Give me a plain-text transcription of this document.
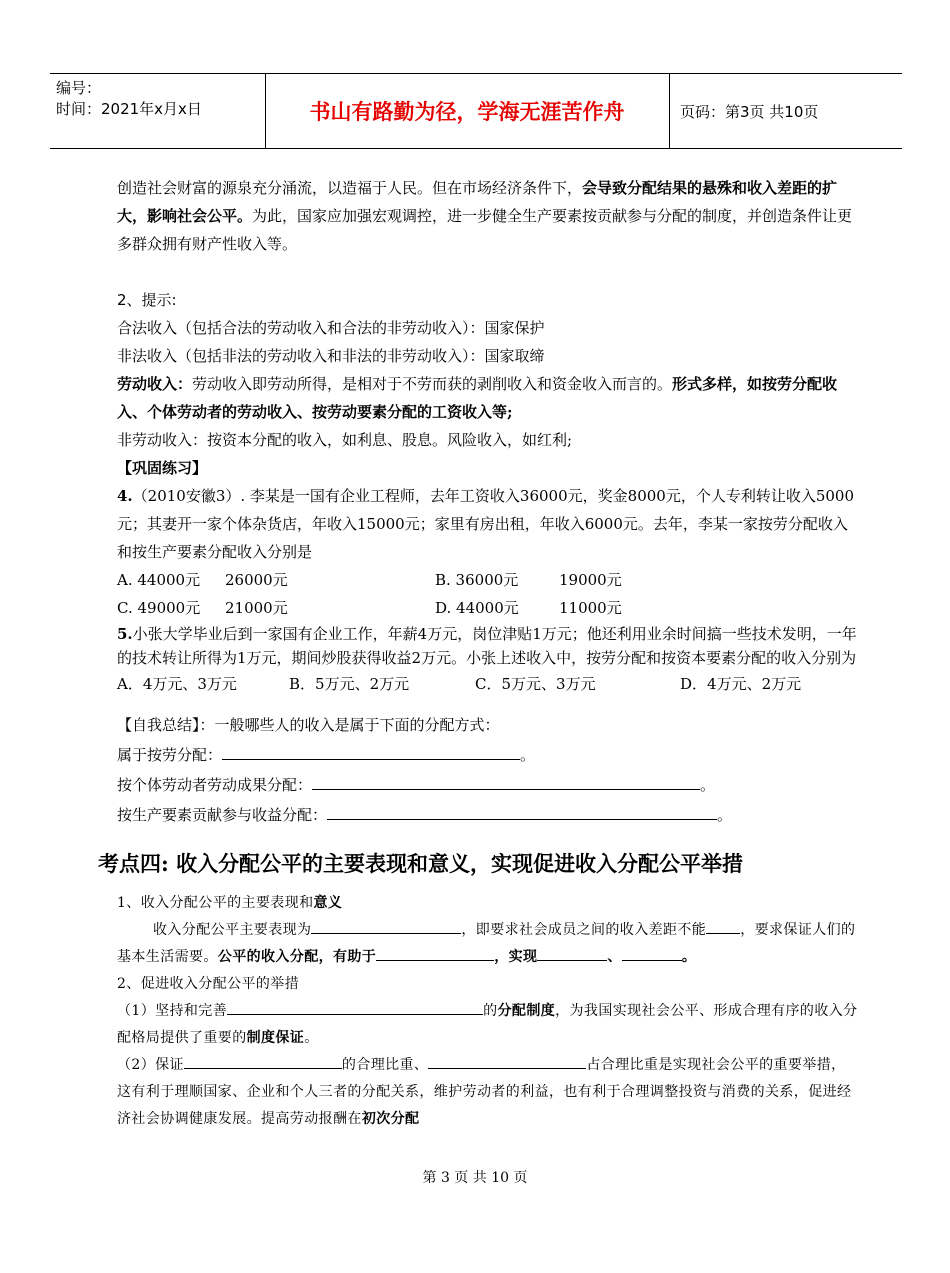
编号：
时间：2021年x月x日	书山有路勤为径，学海无涯苦作舟	页码：第3页 共10页

创造社会财富的源泉充分涌流，以造福于人民。但在市场经济条件下，会导致分配结果的悬殊和收入差距的扩大，影响社会公平。为此，国家应加强宏观调控，进一步健全生产要素按贡献参与分配的制度，并创造条件让更多群众拥有财产性收入等。

2、提示:

合法收入（包括合法的劳动收入和合法的非劳动收入）：国家保护

非法收入（包括非法的劳动收入和非法的非劳动收入）：国家取缔

劳动收入：劳动收入即劳动所得，是相对于不劳而获的剥削收入和资金收入而言的。形式多样，如按劳分配收入、个体劳动者的劳动收入、按劳动要素分配的工资收入等;

非劳动收入：按资本分配的收入，如利息、股息。风险收入，如红利;

【巩固练习】

4.（2010安徽3）. 李某是一国有企业工程师，去年工资收入36000元，奖金8000元，个人专利转让收入5000元；其妻开一家个体杂货店，年收入15000元；家里有房出租，年收入6000元。去年，李某一家按劳分配收入和按生产要素分配收入分别是

A. 44000元	26000元	B. 36000元	19000元
C. 49000元	21000元	D. 44000元	11000元

5.小张大学毕业后到一家国有企业工作，年薪4万元，岗位津贴1万元；他还利用业余时间搞一些技术发明，一年的技术转让所得为1万元，期间炒股获得收益2万元。小张上述收入中，按劳分配和按资本要素分配的收入分别为

A．4万元、3万元	B．5万元、2万元	C．5万元、3万元	D．4万元、2万元

【自我总结】：一般哪些人的收入是属于下面的分配方式：

属于按劳分配：	。

按个体劳动者劳动成果分配：	。

按生产要素贡献参与收益分配：	。

考点四: 收入分配公平的主要表现和意义，实现促进收入分配公平举措

1、收入分配公平的主要表现和意义

收入分配公平主要表现为	，即要求社会成员之间的收入差距不能 ，要求保证人们的基本生活需要。公平的收入分配，有助于	，实现	、	。

2、促进收入分配公平的举措

（1）坚持和完善	的分配制度，为我国实现社会公平、形成合理有序的收入分配格局提供了重要的制度保证。

（2）保证	的合理比重、	占合理比重是实现社会公平的重要举措，这有利于理顺国家、企业和个人三者的分配关系，维护劳动者的利益，也有利于合理调整投资与消费的关系，促进经济社会协调健康发展。提高劳动报酬在初次分配

第 3 页 共 10 页
